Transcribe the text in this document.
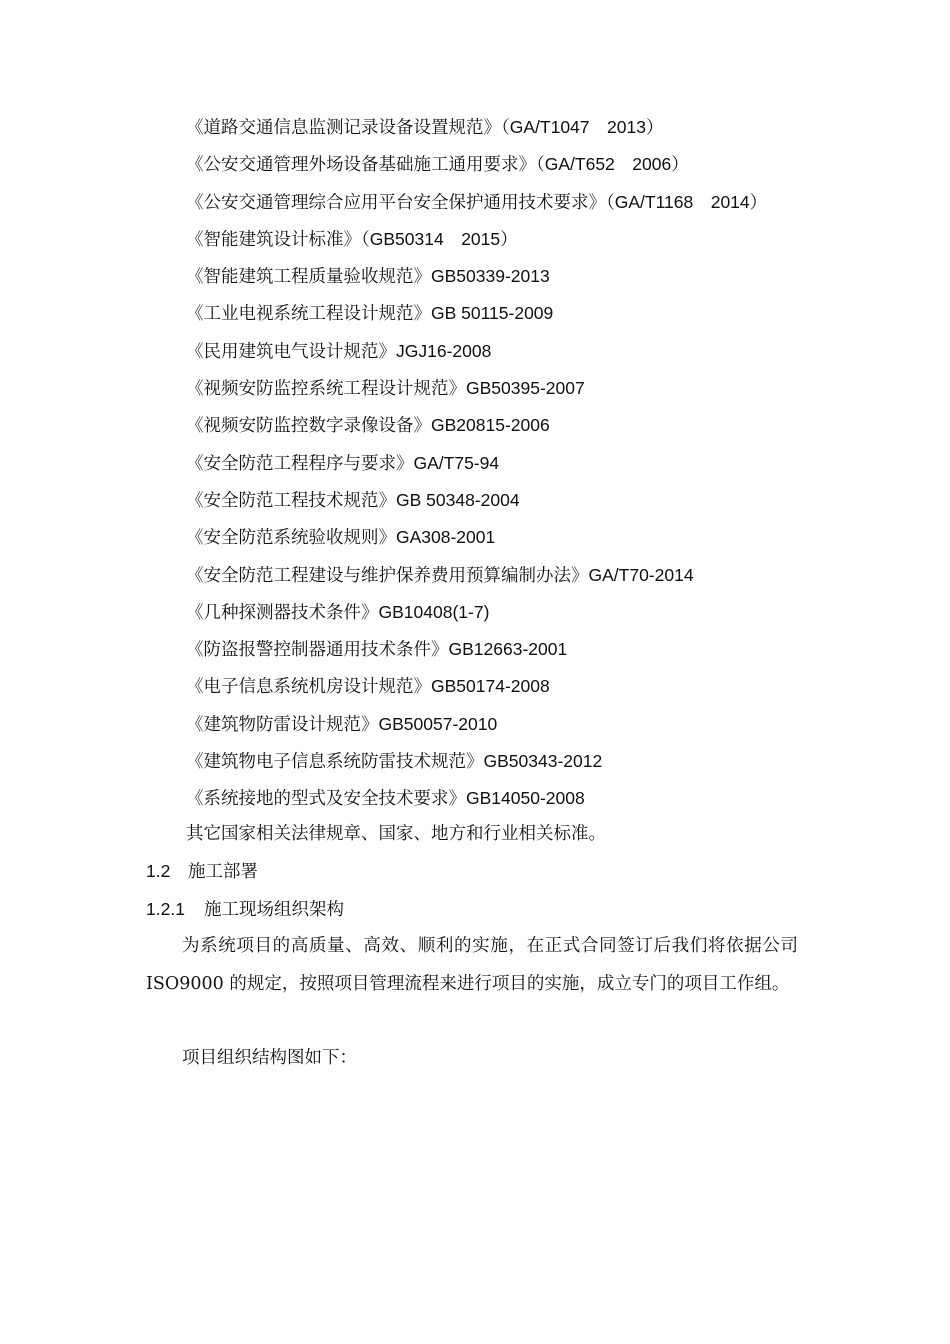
《道路交通信息监测记录设备设置规范》（GA/T1047 2013）
《公安交通管理外场设备基础施工通用要求》（GA/T652 2006）
《公安交通管理综合应用平台安全保护通用技术要求》（GA/T1168 2014）
《智能建筑设计标准》（GB50314 2015）
《智能建筑工程质量验收规范》GB50339-2013
《工业电视系统工程设计规范》GB 50115-2009
《民用建筑电气设计规范》JGJ16-2008
《视频安防监控系统工程设计规范》GB50395-2007
《视频安防监控数字录像设备》GB20815-2006
《安全防范工程程序与要求》GA/T75-94
《安全防范工程技术规范》GB 50348-2004
《安全防范系统验收规则》GA308-2001
《安全防范工程建设与维护保养费用预算编制办法》GA/T70-2014
《几种探测器技术条件》GB10408(1-7)
《防盗报警控制器通用技术条件》GB12663-2001
《电子信息系统机房设计规范》GB50174-2008
《建筑物防雷设计规范》GB50057-2010
《建筑物电子信息系统防雷技术规范》GB50343-2012
《系统接地的型式及安全技术要求》GB14050-2008
其它国家相关法律规章、国家、地方和行业相关标准。
1.2 施工部署
1.2.1 施工现场组织架构

为系统项目的高质量、高效、顺利的实施，在正式合同签订后我们将依据公司 ISO9000 的规定，按照项目管理流程来进行项目的实施，成立专门的项目工作组。

项目组织结构图如下：
